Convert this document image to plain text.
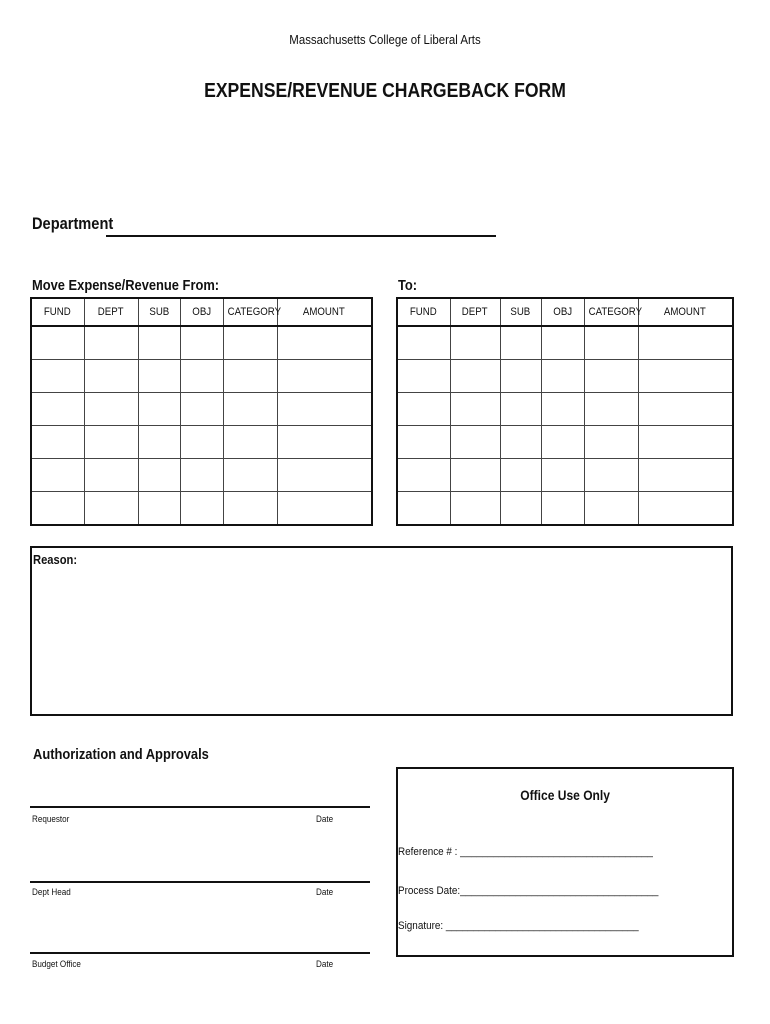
Massachusetts College of Liberal Arts
EXPENSE/REVENUE CHARGEBACK FORM
Department
Move Expense/Revenue From:	To:
FUND	DEPT	SUB	OBJ	CATEGORY	AMOUNT

						FUND	DEPT	SUB	OBJ	CATEGORY	AMOUNT

Reason:
Authorization and Approvals
Requestor	Date
Dept Head	Date
Budget Office	Date
Office Use Only
Reference # : ___________________________________
Process Date:____________________________________
Signature: ___________________________________
